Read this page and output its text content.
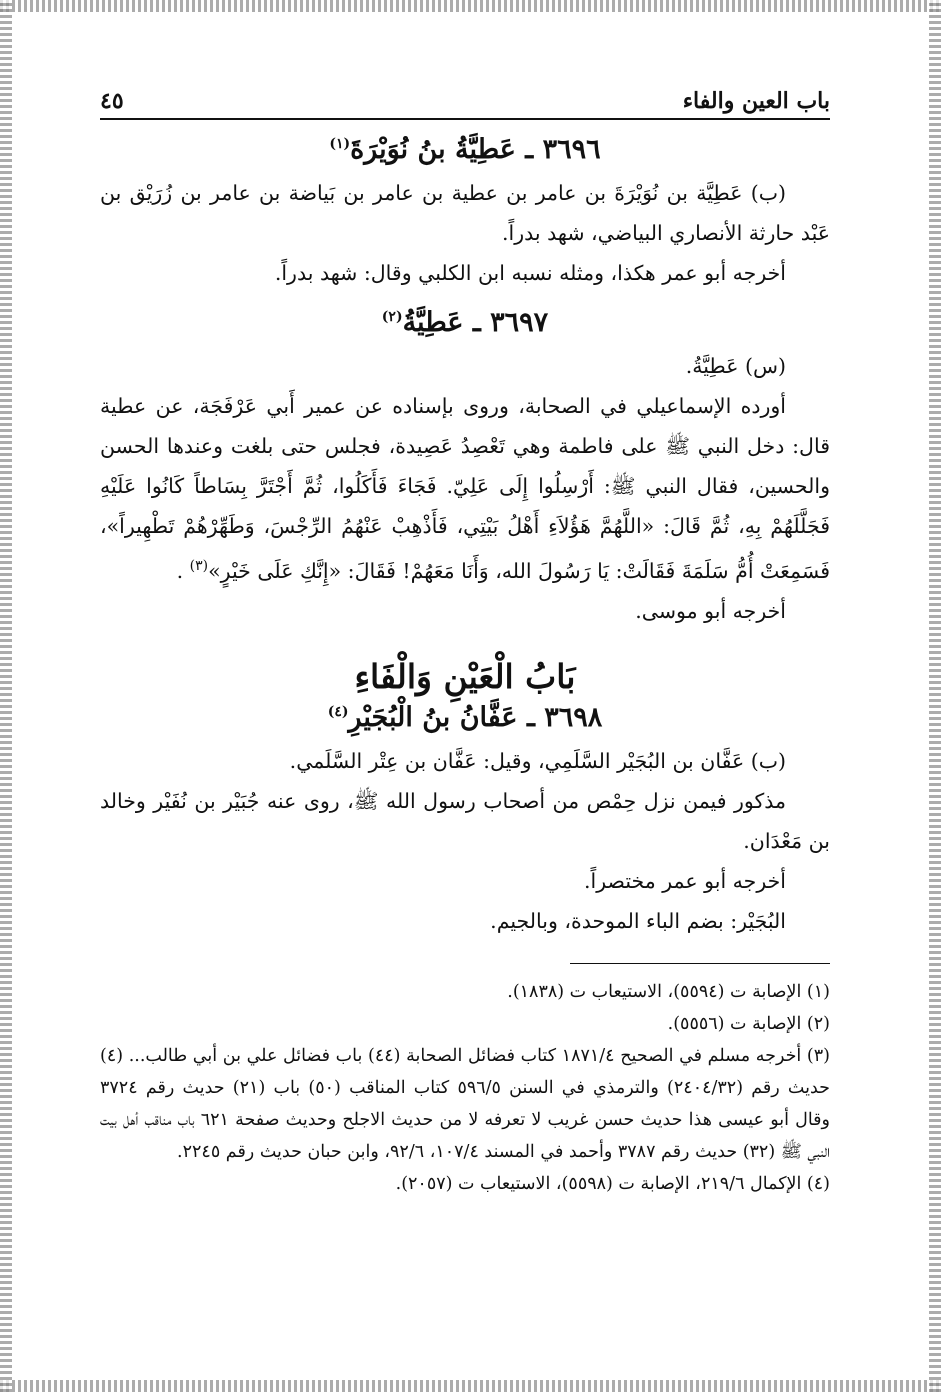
باب العين والفاء
٤٥
٣٦٩٦ ـ عَطِيَّةُ بنُ نُوَيْرَةَ$^{(١)}$

(ب) عَطِيَّة بن نُوَيْرَةَ بن عامر بن عطية بن عامر بن بَياضة بن عامر بن زُرَيْق بن عَبْد حارثة الأنصاري البياضي، شهد بدراً.

أخرجه أبو عمر هكذا، ومثله نسبه ابن الكلبي وقال: شهد بدراً.

٣٦٩٧ ـ عَطِيَّةُ$^{(٢)}$

(س) عَطِيَّةُ.

أورده الإسماعيلي في الصحابة، وروى بإسناده عن عمير أَبي عَرْفَجَة، عن عطية قال: دخل النبي ﷺ على فاطمة وهي تَعْصِدُ عَصِيدة، فجلس حتى بلغت وعندها الحسن والحسين، فقال النبي ﷺ: أَرْسِلُوا إِلَى عَلِيّ. فَجَاءَ فَأَكَلُوا، ثُمَّ أَجْتَرَّ بِسَاطاً كَانُوا عَلَيْهِ فَجَلَّلَهُمْ بِهِ، ثُمَّ قَالَ: «اللَّهُمَّ هَؤُلاَءِ أَهْلُ بَيْتِي، فَأَذْهِبْ عَنْهُمُ الرِّجْسَ، وَطَهِّرْهُمْ تَطْهِيراً»، فَسَمِعَتْ أُمُّ سَلَمَةَ فَقَالَتْ: يَا رَسُولَ الله، وَأَنَا مَعَهُمْ! فَقَالَ: «إِنَّكِ عَلَى خَيْرٍ»$^{(٣)}$ .

أخرجه أبو موسى.

بَابُ الْعَيْنِ وَالْفَاءِ
٣٦٩٨ ـ عَفَّانُ بنُ الْبُجَيْرِ$^{(٤)}$

(ب) عَفَّان بن البُجَيْر السَّلَمِي، وقيل: عَفَّان بن عِتْر السَّلَمي.

مذكور فيمن نزل حِمْص من أصحاب رسول الله ﷺ، روى عنه جُبَيْر بن نُفَيْر وخالد بن مَعْدَان.

أخرجه أبو عمر مختصراً.

البُجَيْر: بضم الباء الموحدة، وبالجيم.

(١) الإصابة ت (٥٥٩٤)، الاستيعاب ت (١٨٣٨).

(٢) الإصابة ت (٥٥٥٦).

(٣) أخرجه مسلم في الصحيح ١٨٧١/٤ كتاب فضائل الصحابة (٤٤) باب فضائل علي بن أبي طالب... (٤) حديث رقم (٢٤٠٤/٣٢) والترمذي في السنن ٥٩٦/٥ كتاب المناقب (٥٠) باب (٢١) حديث رقم ٣٧٢٤ وقال أبو عيسى هذا حديث حسن غريب لا تعرفه لا من حديث الاجلح وحديث صفحة ٦٢١ باب مناقب أهل بيت النبي ﷺ (٣٢) حديث رقم ٣٧٨٧ وأحمد في المسند ١٠٧/٤، ٩٢/٦، وابن حبان حديث رقم ٢٢٤٥.

(٤) الإكمال ٢١٩/٦، الإصابة ت (٥٥٩٨)، الاستيعاب ت (٢٠٥٧).
